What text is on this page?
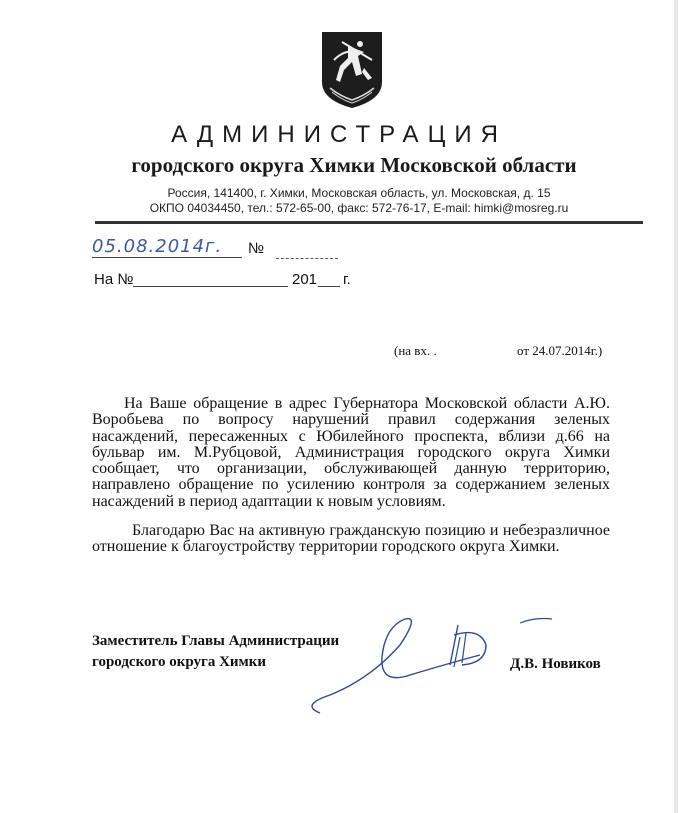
АДМИНИСТРАЦИЯ
городского округа Химки Московской области
Россия, 141400, г. Химки, Московская область, ул. Московская, д. 15
ОКПО 04034450, тел.: 572-65-00, факс: 572-76-17, E-mail: himki@mosreg.ru
05.08.2014г. №
На №	201 г.
(на вх. .	от 24.07.2014г.)
На Ваше обращение в адрес Губернатора Московской области А.Ю. Воробьева по вопросу нарушений правил содержания зеленых насаждений, пересаженных с Юбилейного проспекта, вблизи д.66 на бульвар им. М.Рубцовой, Администрация городского округа Химки сообщает, что организации, обслуживающей данную территорию, направлено обращение по усилению контроля за содержанием зеленых насаждений в период адаптации к новым условиям.
Благодарю Вас на активную гражданскую позицию и небезразличное отношение к благоустройству территории городского округа Химки.
Заместитель Главы Администрации
городского округа Химки	Д.В. Новиков
